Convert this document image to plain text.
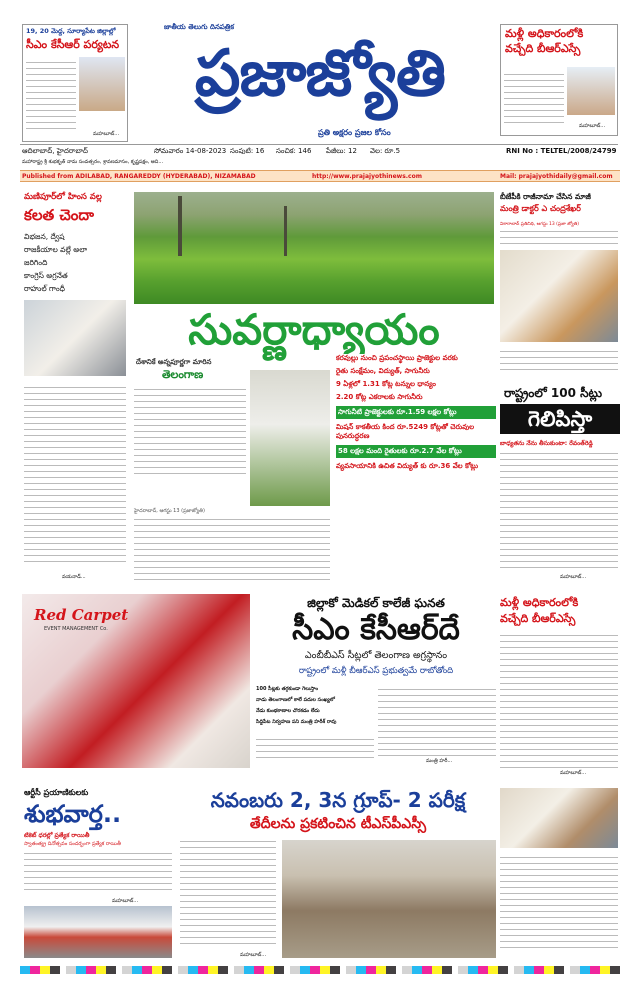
19, 20 మెద్ద, సూర్యాపేట జిల్లాల్లో
సీఎం కేసీఆర్ పర్యటన
మహబూబ్...
జాతీయ తెలుగు దినపత్రిక
ప్రజాజ్యోతి
ప్రతి అక్షరం ప్రజల కోసం
మళ్లీ అధికారంలోకి
వచ్చేది బీఆర్ఎస్సే
మహబూబ్...
ఆదిలాబాద్, హైదరాబాద్	సోమవారం 14-08-2023 సంపుటి: 16 సంచిక: 146 పేజీలు: 12 వెల: రూ.5	RNI No : TELTEL/2008/24799
మహారాష్ట్ర శ్రీ శుభకృత్ నామ సంవత్సరం, శ్రావణమాసం, కృష్ణపక్షం, ఆది...
Published from ADILABAD, RANGAREDDY (HYDERABAD), NIZAMABAD	http://www.prajajyothinews.com	Mail: prajajyothidaily@gmail.com
మణిపూర్‌లో హింస వల్ల
కలత చెందా
విభజన, ద్వేష
రాజకీయాల వల్లే అలా
జరిగింది
కాంగ్రెస్ అగ్రనేత
రాహుల్ గాంధీ
వయనాడ్...
సువర్ణాధ్యాయం
దేశానికే అన్నపూర్ణగా మారిన
తెలంగాణ
హైదరాబాద్, ఆగస్టు 13 (ప్రజాజ్యోతి)
కరవుల్లు నుంచి ప్రపంచస్థాయి ప్రాజెక్టుల వరకు
రైతు సంక్షేమం, విద్యుత్, సాగునీరు
9 ఏళ్లలో 1.31 కోట్ల టన్నుల ధాన్యం
2.20 కోట్ల ఎకరాలకు సాగునీరు
సాగునీటి ప్రాజెక్టులకు రూ.1.59 లక్షల కోట్లు
మిషన్ కాకతీయ కింద రూ.5249 కోట్లతో చెరువుల పునరుద్ధరణ
58 లక్షల మంది రైతులకు రూ.2.7 వేల కోట్లు
వ్యవసాయానికి ఉచిత విద్యుత్ కు రూ.36 వేల కోట్లు
బీజేపీకి రాజీనామా చేసిన మాజీ
మంత్రి డాక్టర్ ఎ చంద్రశేఖర్
వికారాబాద్ ప్రతినిధి, ఆగస్టు 13 (ప్రజా జ్యోతి)
రాష్ట్రంలో 100 సీట్లు
గెలిపిస్తా
బాధ్యతను నేను తీసుకుంటా: రేవంత్‌రెడ్డి
మహబూబ్...
Red Carpet
EVENT MANAGEMENT Co.
జిల్లాకో మెడికల్ కాలేజీ ఘనత
సీఎం కేసీఆర్‌దే
ఎంబీబీఎస్ సీట్లలో తెలంగాణ అగ్రస్థానం
రాష్ట్రంలో మళ్లీ బీఆర్ఎస్ ప్రభుత్వమే రాబోతోంది
100 సీట్లకు తగ్గకుండా గెలుస్తాం
నాడు తెలంగాణలో కాలే పదుల సంఖ్యలో
నేడు కుంభకాణాల చొరకడం లేదు
సిద్దిపేట నిర్వహణ పని మంత్రి హరీశ్ రావు
మంత్రి హరీ...
మళ్లీ అధికారంలోకి
వచ్చేది బీఆర్ఎస్సే
మహబూబ్...
ఆర్టీసీ ప్రయాణికులకు
శుభవార్త..
టికెట్ ధరల్లో ప్రత్యేక రాయితీ
స్వాతంత్య్ర దినోత్సవం సందర్భంగా ప్రత్యేక రాయితీ
మహబూబ్...
నవంబరు 2, 3న గ్రూప్- 2 పరీక్ష
తేదీలను ప్రకటించిన టీఎస్‌పీఎస్సీ
మహబూబ్...
